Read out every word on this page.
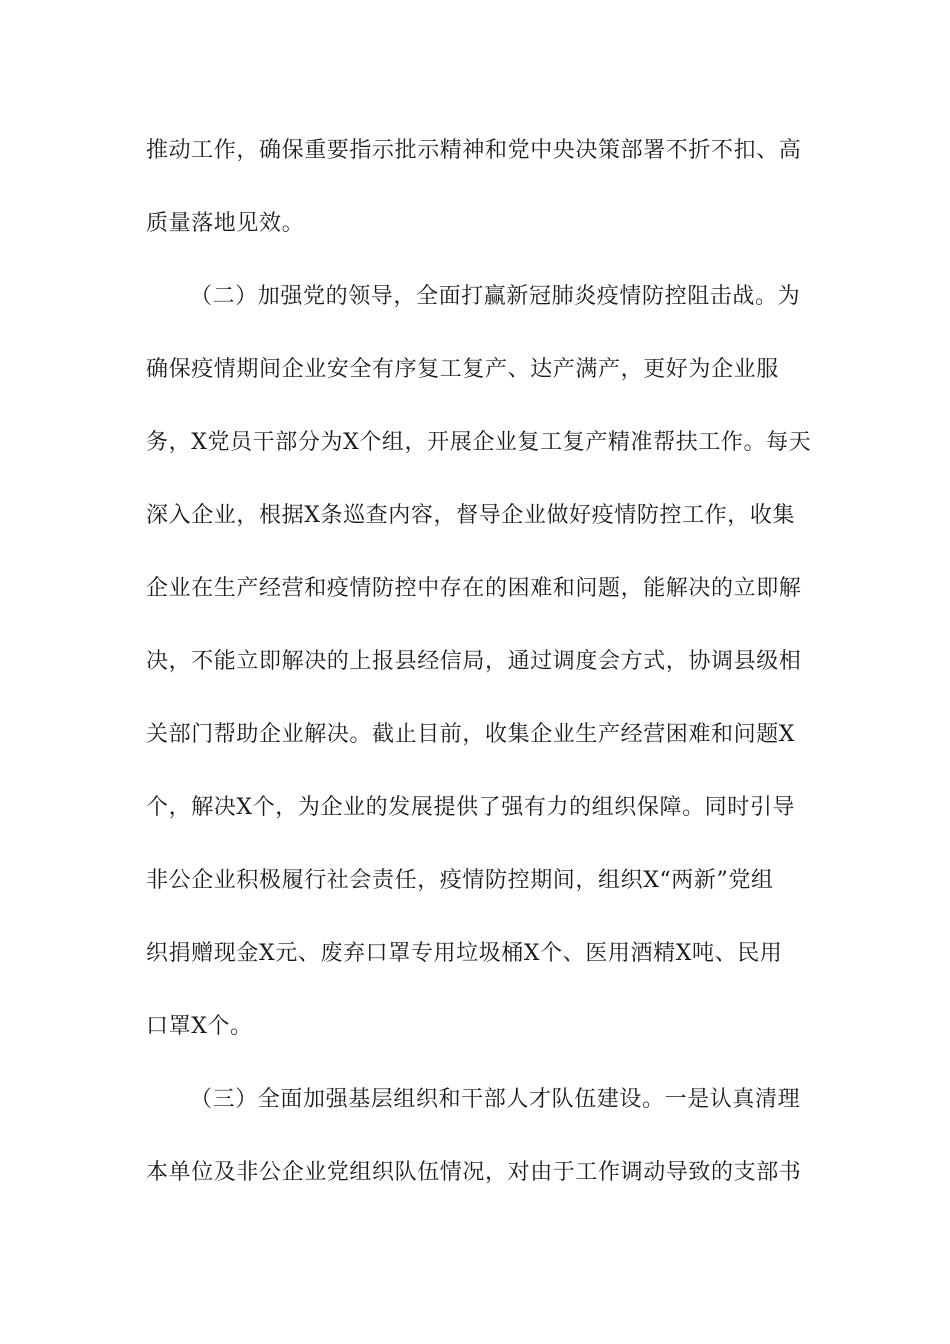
推动工作，确保重要指示批示精神和党中央决策部署不折不扣、高
质量落地见效。
（二）加强党的领导，全面打赢新冠肺炎疫情防控阻击战。为
确保疫情期间企业安全有序复工复产、达产满产，更好为企业服
务，X党员干部分为X个组，开展企业复工复产精准帮扶工作。每天
深入企业，根据X条巡查内容，督导企业做好疫情防控工作，收集
企业在生产经营和疫情防控中存在的困难和问题，能解决的立即解
决，不能立即解决的上报县经信局，通过调度会方式，协调县级相
关部门帮助企业解决。截止目前，收集企业生产经营困难和问题X
个，解决X个，为企业的发展提供了强有力的组织保障。同时引导
非公企业积极履行社会责任，疫情防控期间，组织X“两新”党组
织捐赠现金X元、废弃口罩专用垃圾桶X个、医用酒精X吨、民用
口罩X个。
（三）全面加强基层组织和干部人才队伍建设。一是认真清理
本单位及非公企业党组织队伍情况，对由于工作调动导致的支部书
